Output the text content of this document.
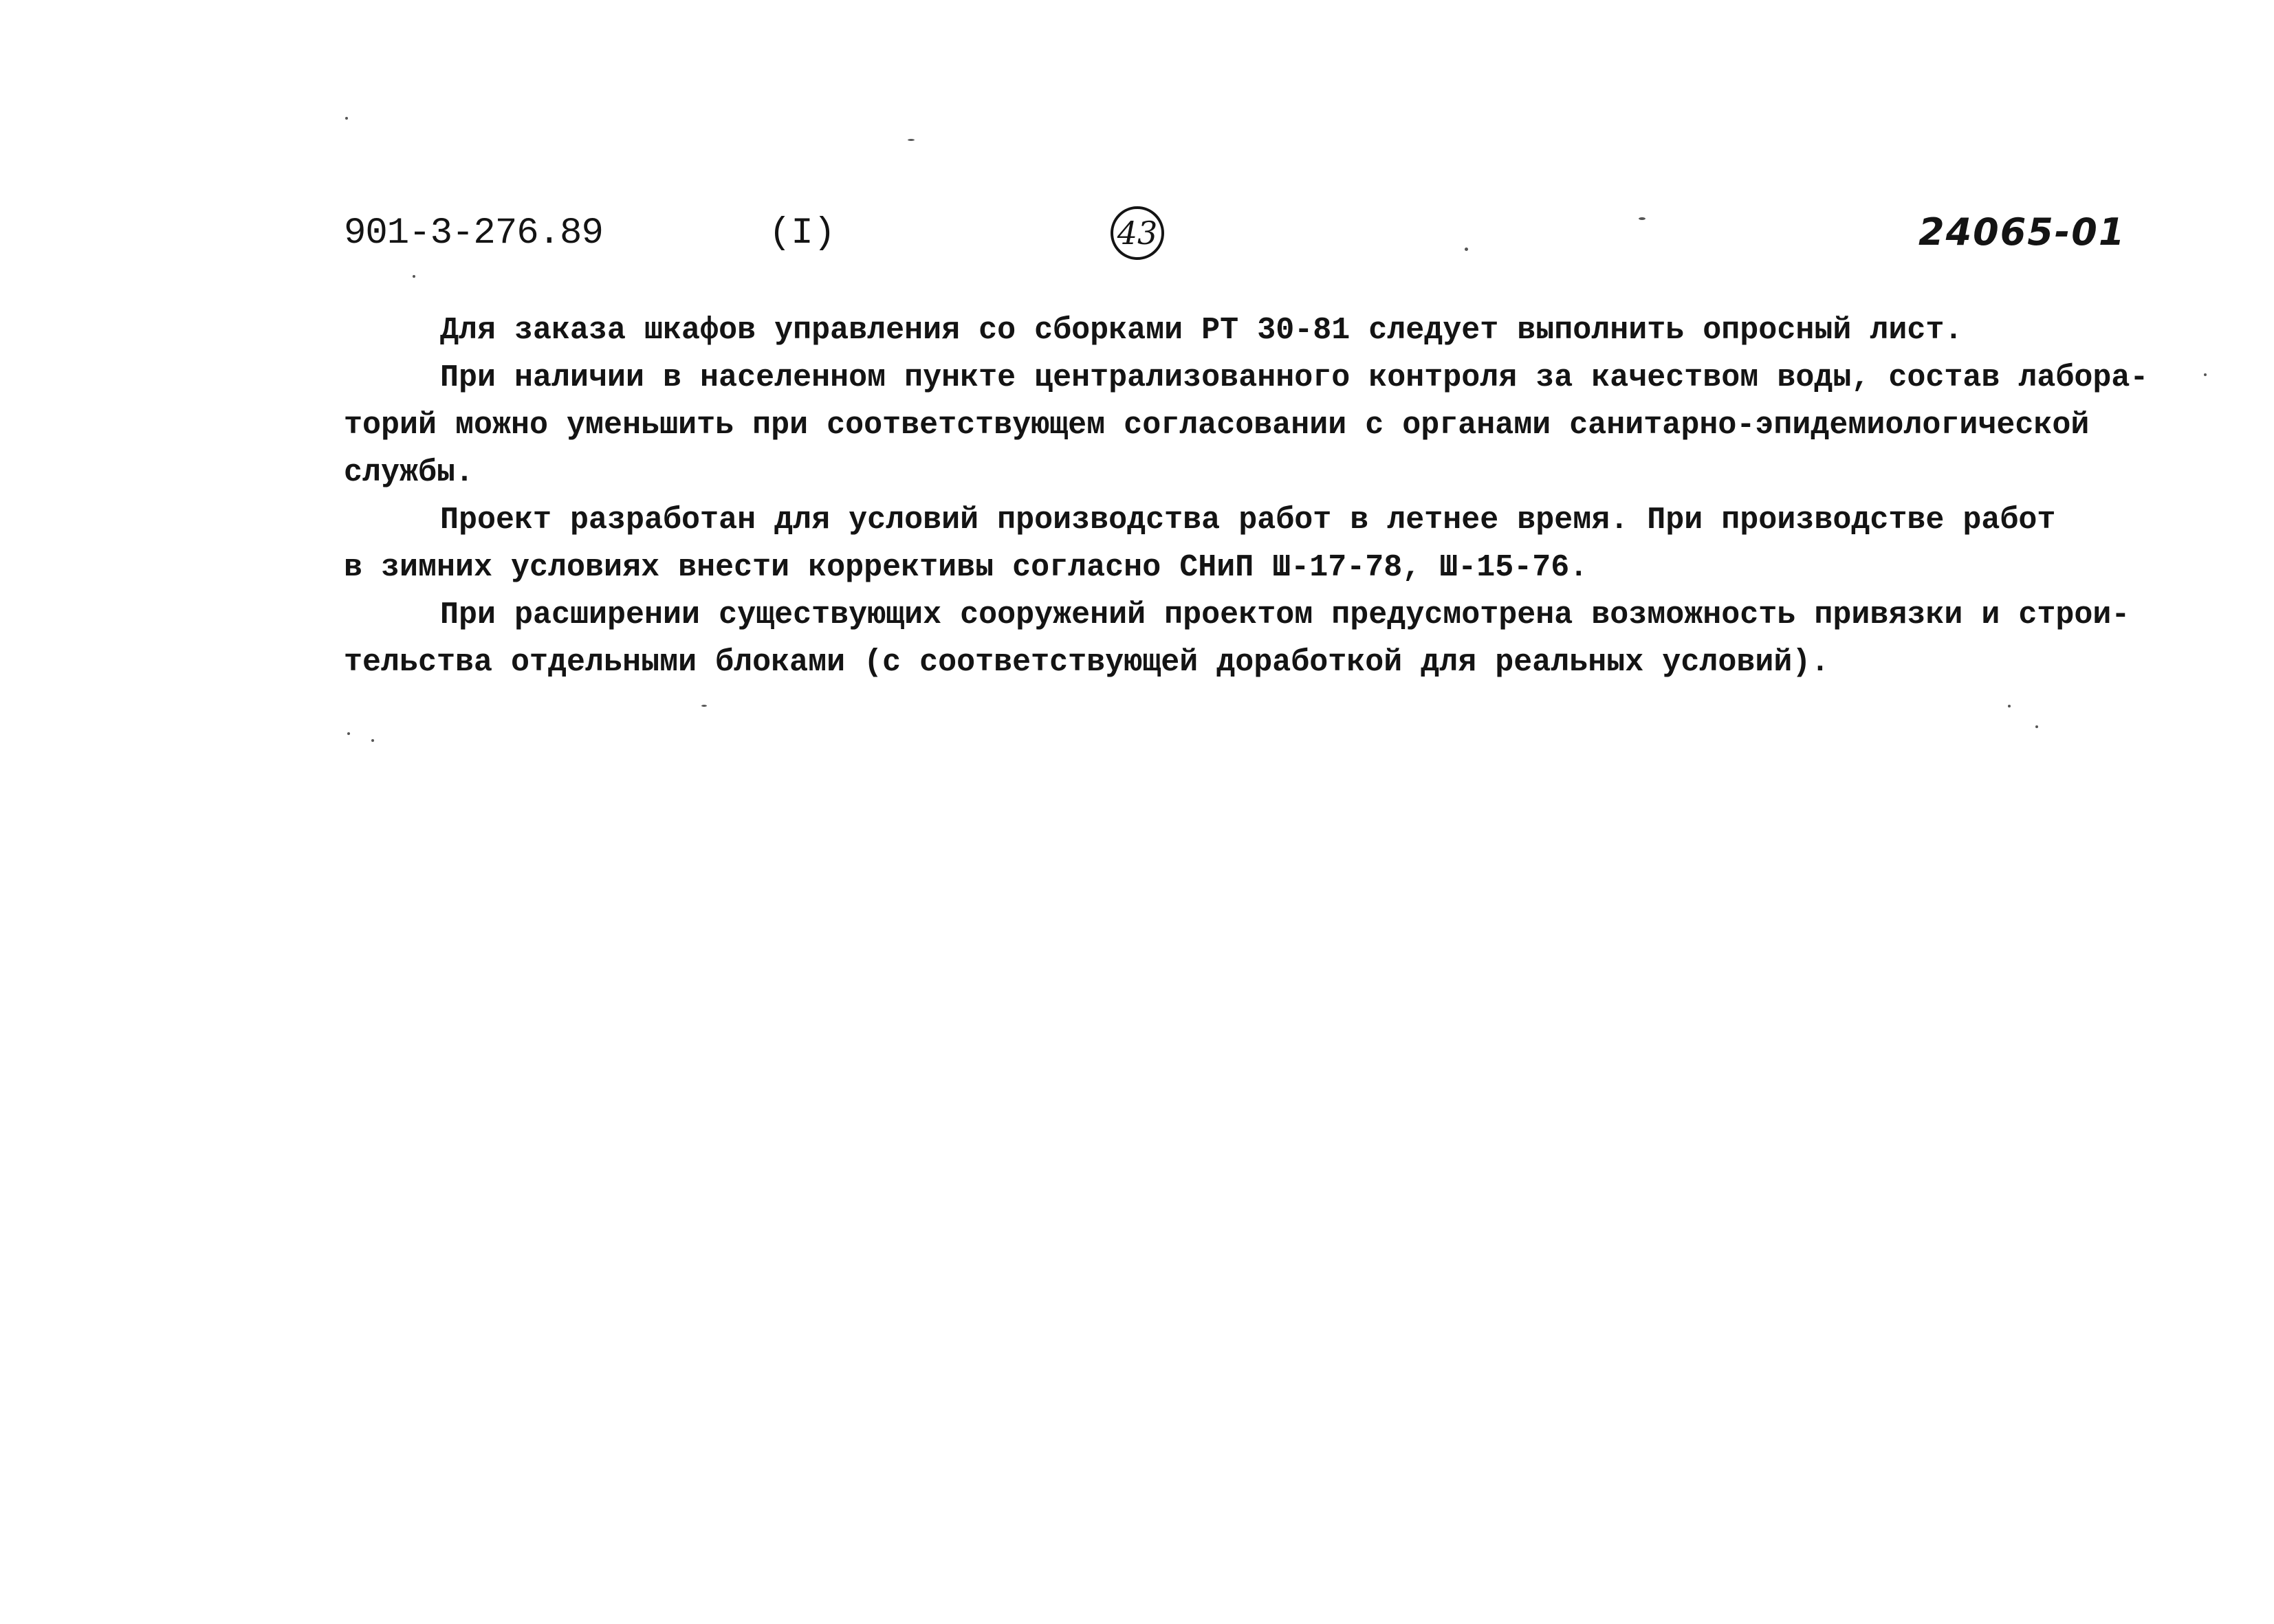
901-3-276.89	(I)	43	24065-01
Для заказа шкафов управления со сборками РТ 30-81 следует выполнить опросный лист.
При наличии в населенном пункте централизованного контроля за качеством воды, состав лабора-
торий можно уменьшить при соответствующем согласовании с органами санитарно-эпидемиологической
службы.
Проект разработан для условий производства работ в летнее время. При производстве работ
в зимних условиях внести коррективы согласно СНиП Ш-17-78, Ш-15-76.
При расширении существующих сооружений проектом предусмотрена возможность привязки и строи-
тельства отдельными блоками (с соответствующей доработкой для реальных условий).
